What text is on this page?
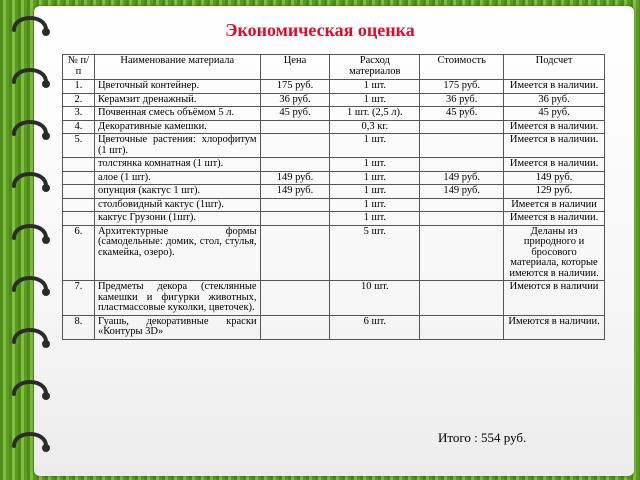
Экономическая оценка
№ п/п	Наименование материала	Цена	Расход материалов	Стоимость	Подсчет
1.	Цветочный контейнер.	175 руб.	1 шт.	175 руб.	Имеется в наличии.
2.	Керамзит дренажный.	36 руб.	1 шт.	36 руб.	36 руб.
3.	Почвенная смесь объёмом 5 л.	45 руб.	1 шт. (2,5 л).	45 руб.	45 руб.
4.	Декоративные камешки.		0,3 кг.		Имеется в наличии.
5.	Цветочные растения: хлорофитум (1 шт).		1 шт.		Имеется в наличии.
	толстянка комнатная (1 шт).		1 шт.		Имеется в наличии.
	алое (1 шт).	149 руб.	1 шт.	149 руб.	149 руб.
	опунция (кактус 1 шт).	149 руб.	1 шт.	149 руб.	129 руб.
	столбовидный кактус (1шт).		1 шт.		Имеется в наличии
	кактус Грузони (1шт).		1 шт.		Имеется в наличии.
6.	Архитектурные формы (самодельные: домик, стол, стулья, скамейка, озеро).		5 шт.		Деланы из природного и бросового материала, которые имеются в наличии.
7.	Предметы декора (стеклянные камешки и фигурки животных, пластмассовые куколки, цветочек).		10 шт.		Имеются в наличии
8.	Гуашь, декоративные краски «Контуры 3D»		6 шт.		Имеются в наличии.
Итого : 554 руб.
